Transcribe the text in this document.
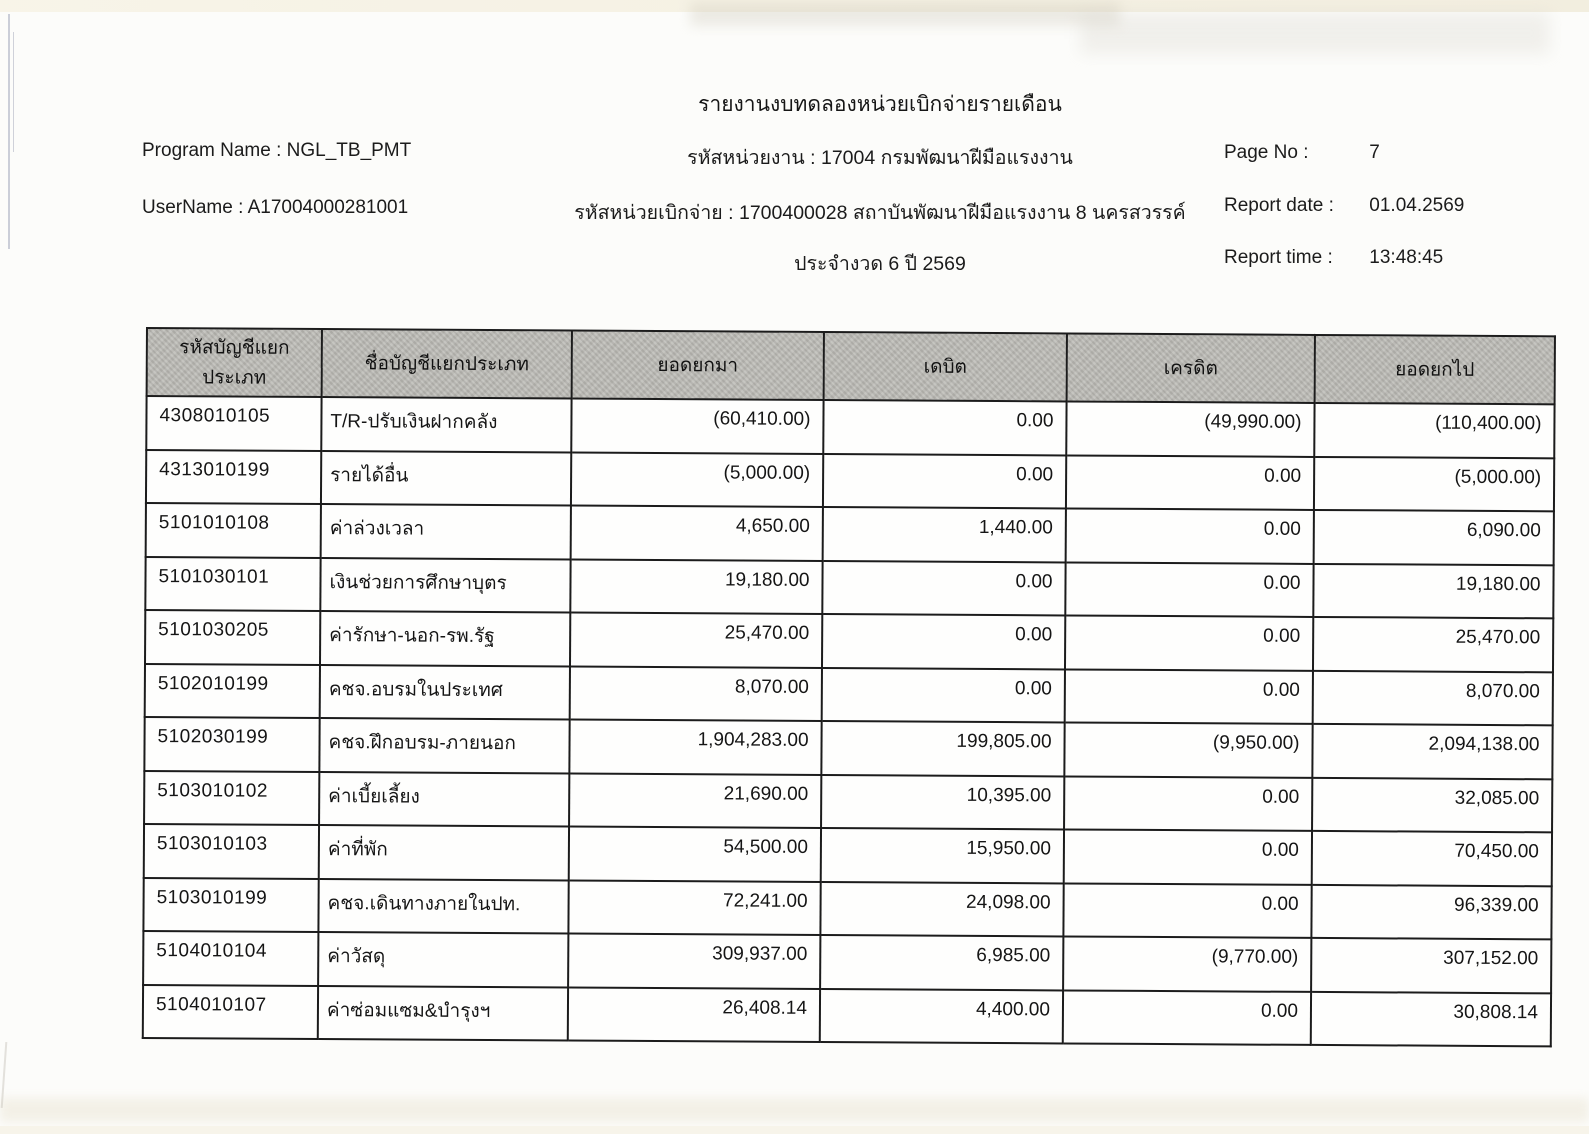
รายงานงบทดลองหน่วยเบิกจ่ายรายเดือน
Program Name : NGL_TB_PMT
UserName : A17004000281001
รหัสหน่วยงาน : 17004 กรมพัฒนาฝีมือแรงงาน
รหัสหน่วยเบิกจ่าย : 1700400028 สถาบันพัฒนาฝีมือแรงงาน 8 นครสวรรค์
ประจำงวด 6 ปี 2569
Page No :	7
Report date : 01.04.2569
Report time : 13:48:45
รหัสบัญชีแยกประเภท	ชื่อบัญชีแยกประเภท	ยอดยกมา	เดบิต	เครดิต	ยอดยกไป
4308010105	T/R-ปรับเงินฝากคลัง	(60,410.00)	0.00	(49,990.00)	(110,400.00)
4313010199	รายได้อื่น	(5,000.00)	0.00	0.00	(5,000.00)
5101010108	ค่าล่วงเวลา	4,650.00	1,440.00	0.00	6,090.00
5101030101	เงินช่วยการศึกษาบุตร	19,180.00	0.00	0.00	19,180.00
5101030205	ค่ารักษา-นอก-รพ.รัฐ	25,470.00	0.00	0.00	25,470.00
5102010199	คชจ.อบรมในประเทศ	8,070.00	0.00	0.00	8,070.00
5102030199	คชจ.ฝึกอบรม-ภายนอก	1,904,283.00	199,805.00	(9,950.00)	2,094,138.00
5103010102	ค่าเบี้ยเลี้ยง	21,690.00	10,395.00	0.00	32,085.00
5103010103	ค่าที่พัก	54,500.00	15,950.00	0.00	70,450.00
5103010199	คชจ.เดินทางภายในปท.	72,241.00	24,098.00	0.00	96,339.00
5104010104	ค่าวัสดุ	309,937.00	6,985.00	(9,770.00)	307,152.00
5104010107	ค่าซ่อมแซม&บำรุงฯ	26,408.14	4,400.00	0.00	30,808.14
